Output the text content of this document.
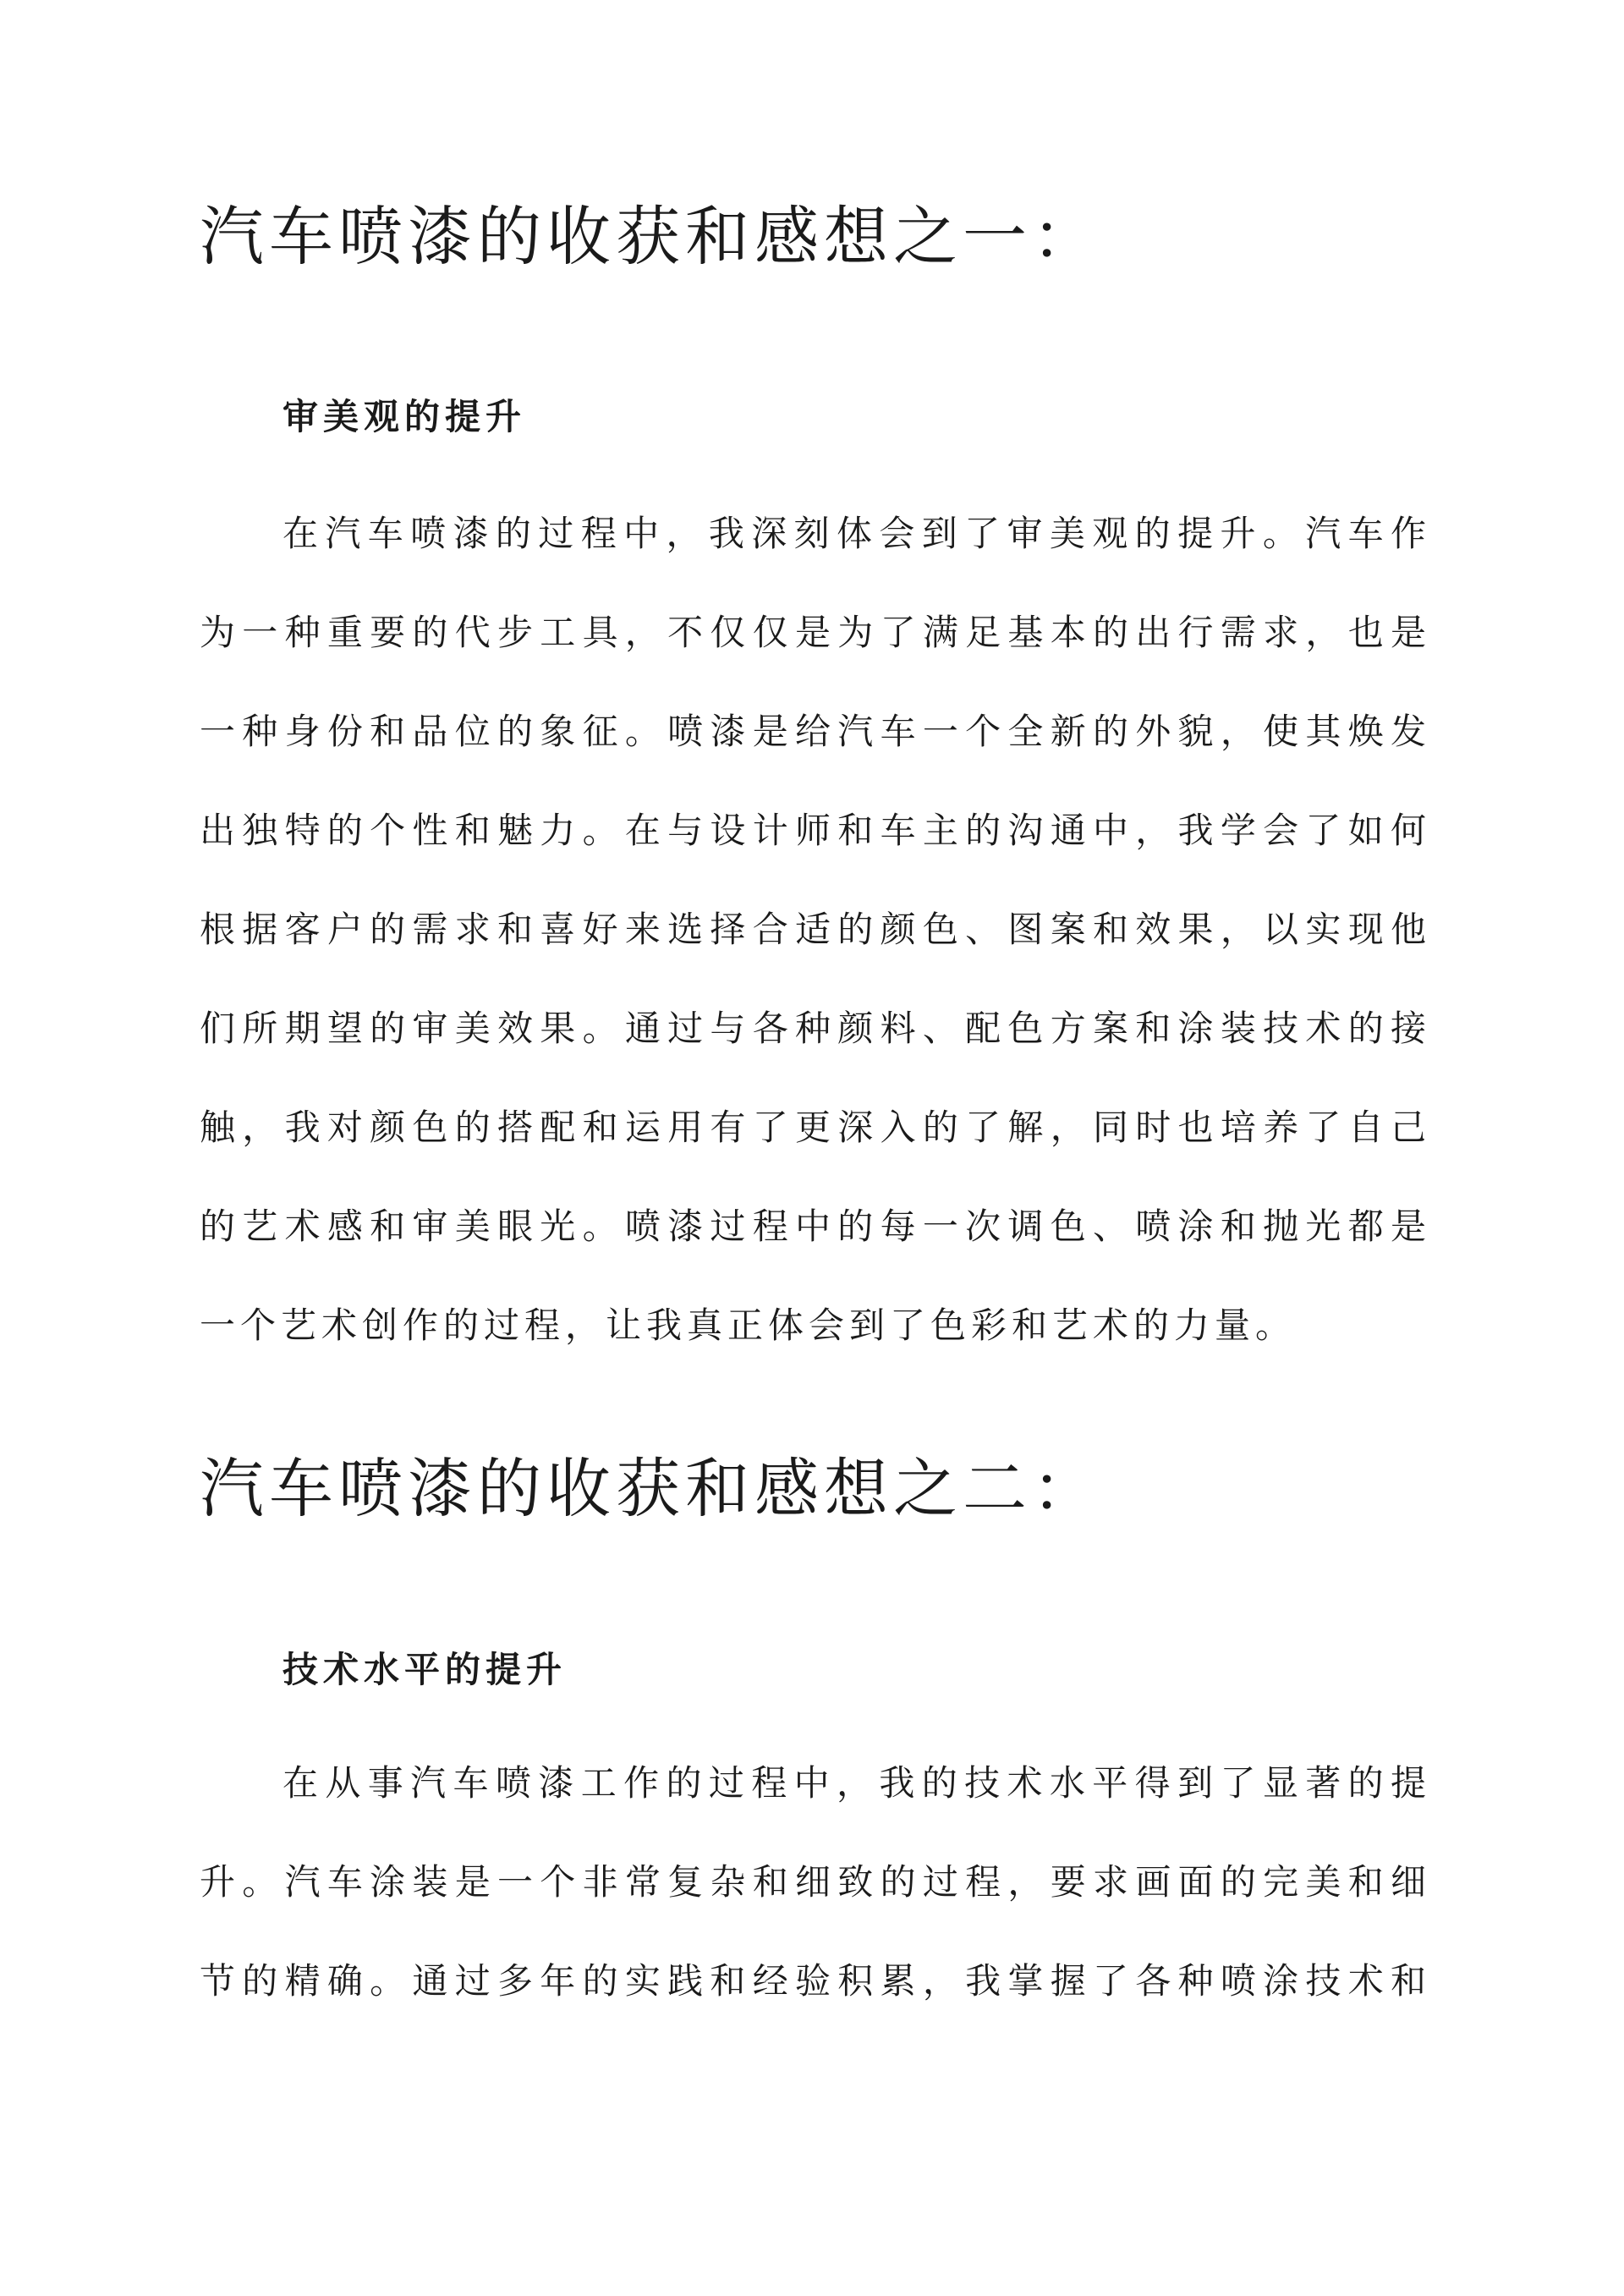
汽车喷漆的收获和感想之一：
审美观的提升
在汽车喷漆的过程中，我深刻体会到了审美观的提升。汽车作
为一种重要的代步工具，不仅仅是为了满足基本的出行需求，也是
一种身份和品位的象征。喷漆是给汽车一个全新的外貌，使其焕发
出独特的个性和魅力。在与设计师和车主的沟通中，我学会了如何
根据客户的需求和喜好来选择合适的颜色、图案和效果，以实现他
们所期望的审美效果。通过与各种颜料、配色方案和涂装技术的接
触，我对颜色的搭配和运用有了更深入的了解，同时也培养了自己
的艺术感和审美眼光。喷漆过程中的每一次调色、喷涂和抛光都是
一个艺术创作的过程，让我真正体会到了色彩和艺术的力量。
汽车喷漆的收获和感想之二：
技术水平的提升
在从事汽车喷漆工作的过程中，我的技术水平得到了显著的提
升。汽车涂装是一个非常复杂和细致的过程，要求画面的完美和细
节的精确。通过多年的实践和经验积累，我掌握了各种喷涂技术和
